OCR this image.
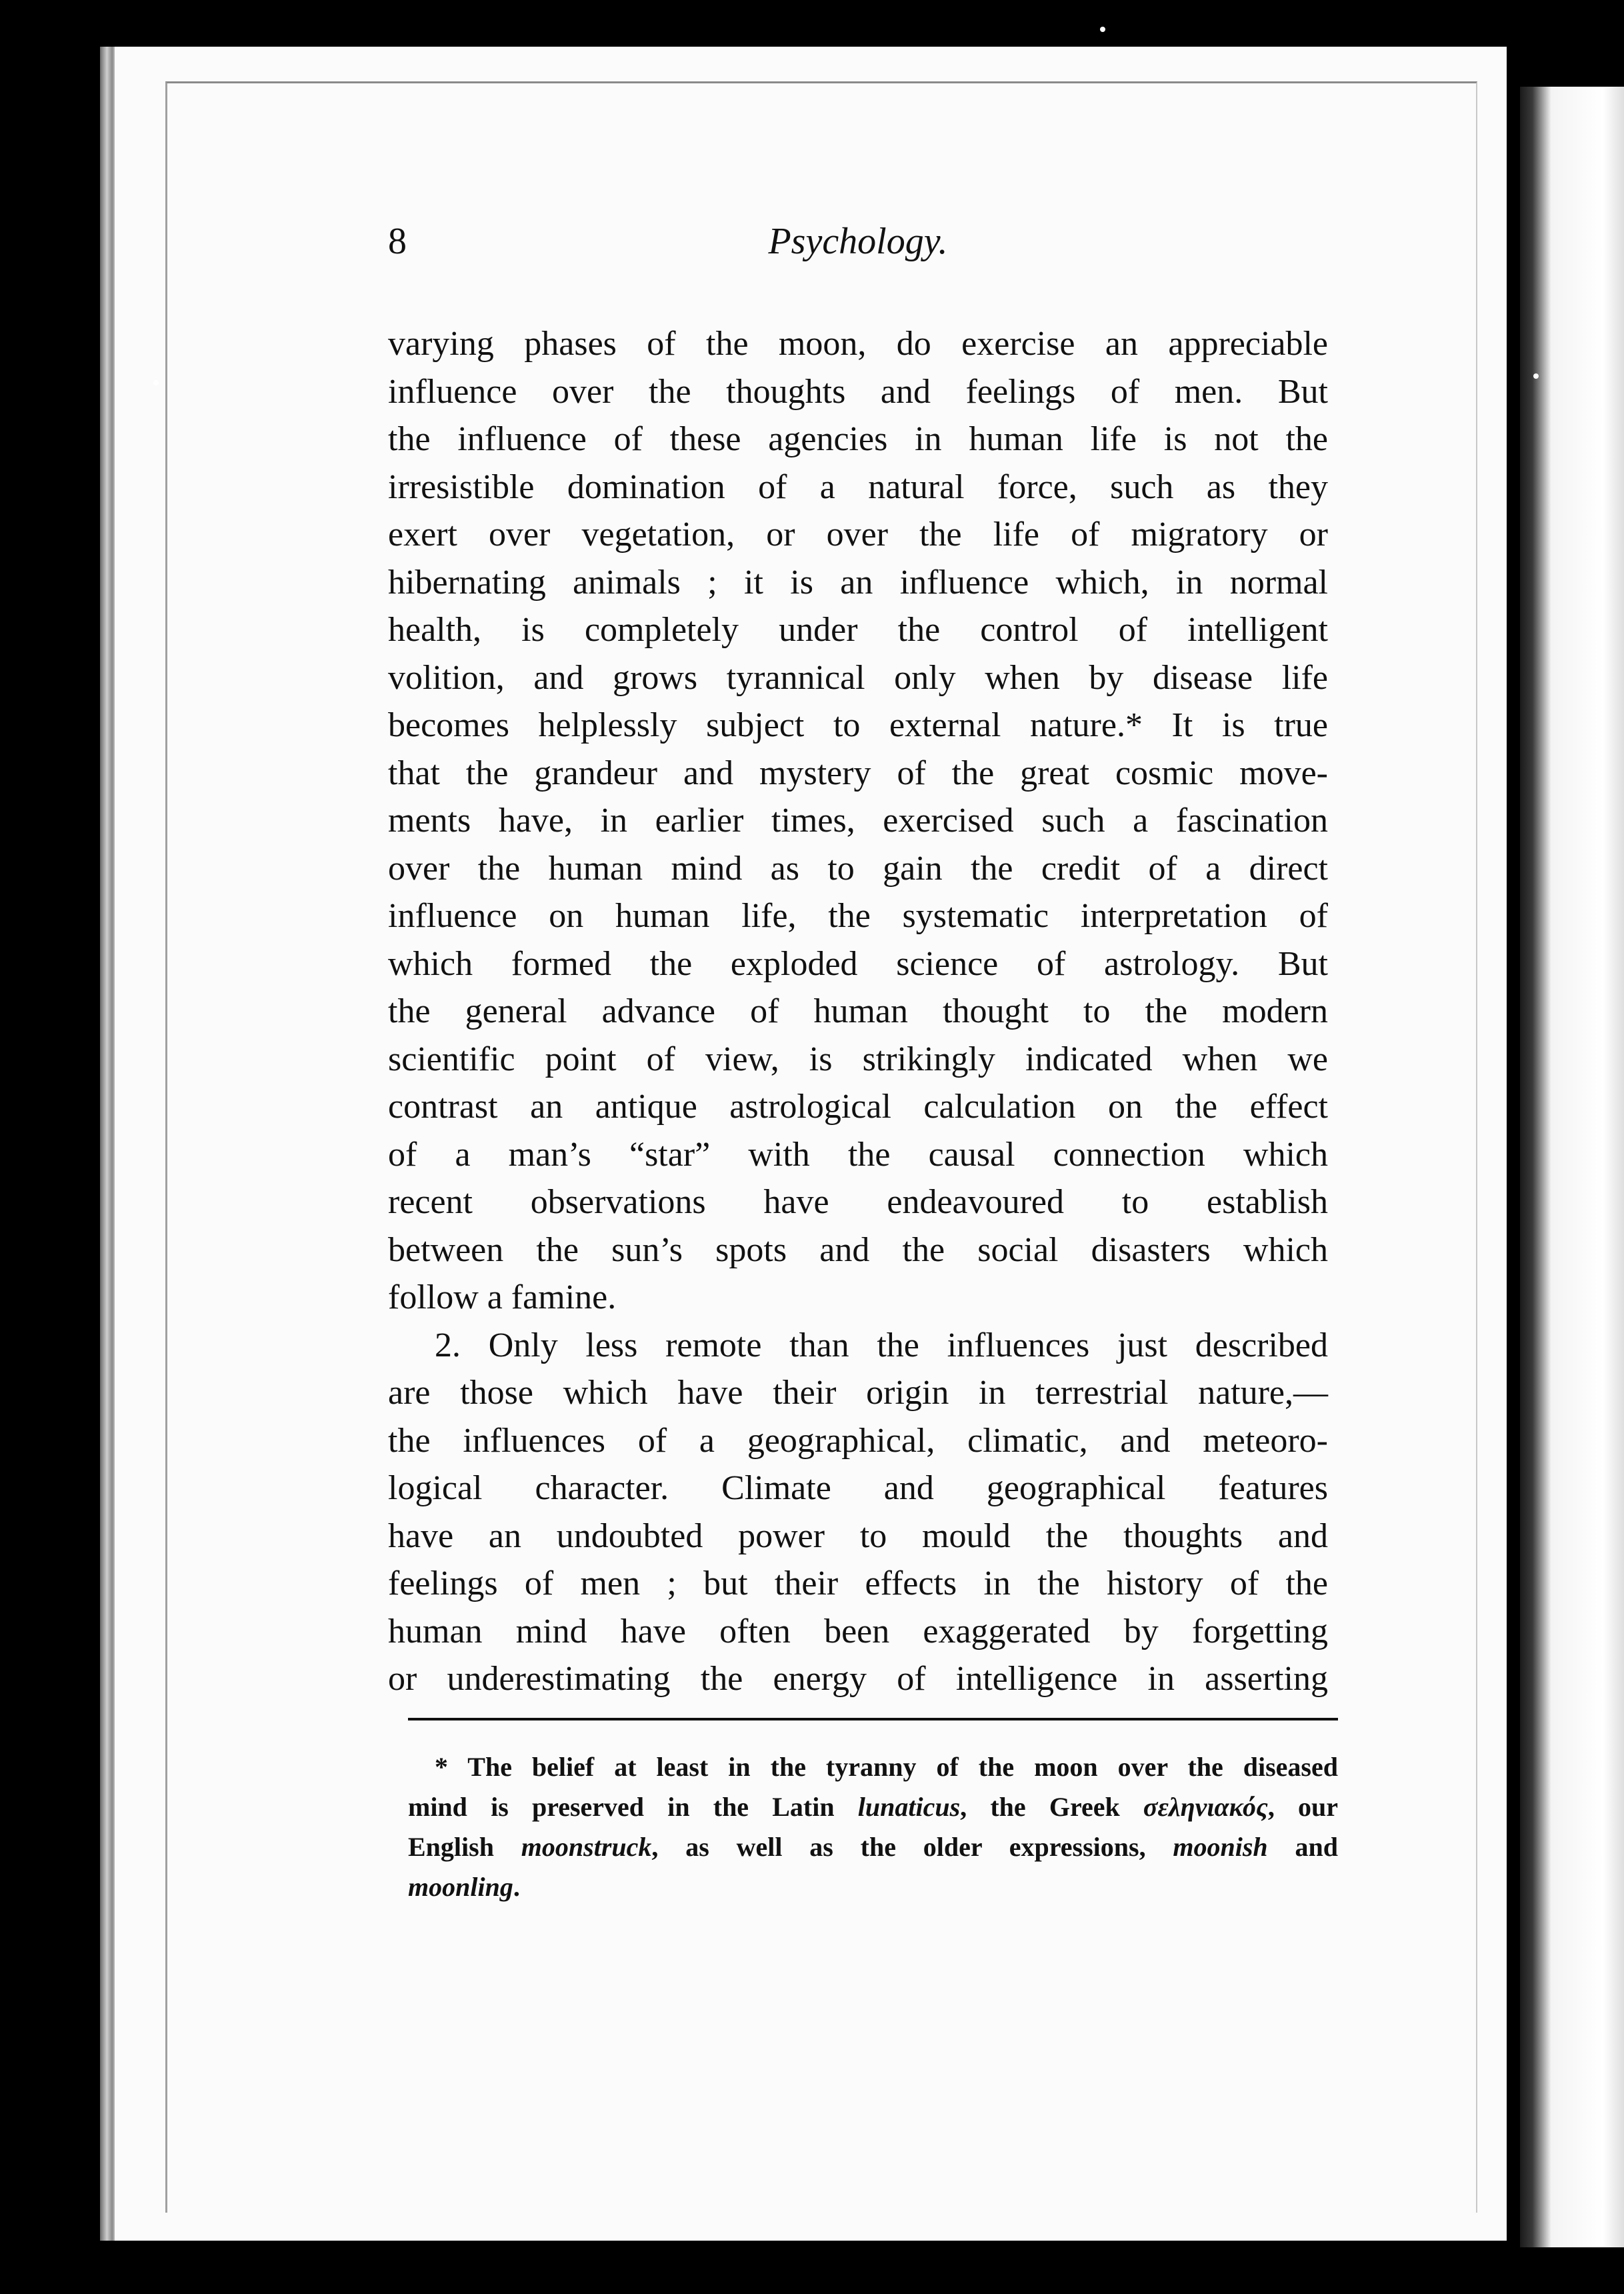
8	Psychology.
varying phases of the moon, do exercise an appreciable
influence over the thoughts and feelings of men. But
the influence of these agencies in human life is not the
irresistible domination of a natural force, such as they
exert over vegetation, or over the life of migratory or
hibernating animals ; it is an influence which, in normal
health, is completely under the control of intelligent
volition, and grows tyrannical only when by disease life
becomes helplessly subject to external nature.* It is true
that the grandeur and mystery of the great cosmic move-
ments have, in earlier times, exercised such a fascination
over the human mind as to gain the credit of a direct
influence on human life, the systematic interpretation of
which formed the exploded science of astrology. But
the general advance of human thought to the modern
scientific point of view, is strikingly indicated when we
contrast an antique astrological calculation on the effect
of a man’s “star” with the causal connection which
recent observations have endeavoured to establish
between the sun’s spots and the social disasters which
follow a famine.
2. Only less remote than the influences just described
are those which have their origin in terrestrial nature,—
the influences of a geographical, climatic, and meteoro-
logical character. Climate and geographical features
have an undoubted power to mould the thoughts and
feelings of men ; but their effects in the history of the
human mind have often been exaggerated by forgetting
or underestimating the energy of intelligence in asserting
* The belief at least in the tyranny of the moon over the diseased
mind is preserved in the Latin lunaticus, the Greek σεληνιακός, our
English moonstruck, as well as the older expressions, moonish and
moonling.
